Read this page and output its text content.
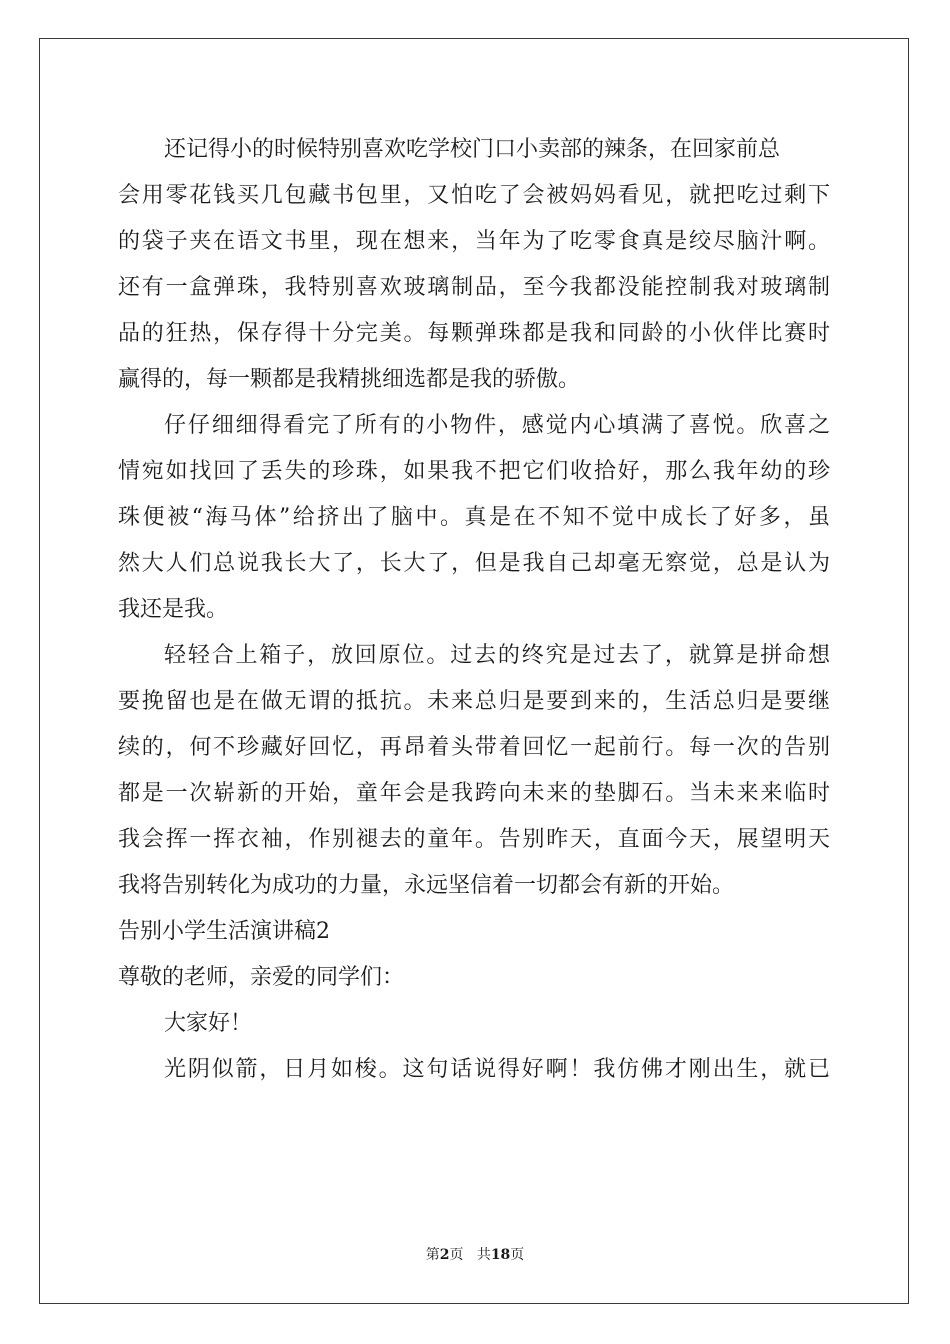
还记得小的时候特别喜欢吃学校门口小卖部的辣条，在回家前总
会用零花钱买几包藏书包里，又怕吃了会被妈妈看见，就把吃过剩下
的袋子夹在语文书里，现在想来，当年为了吃零食真是绞尽脑汁啊。
还有一盒弹珠，我特别喜欢玻璃制品，至今我都没能控制我对玻璃制
品的狂热，保存得十分完美。每颗弹珠都是我和同龄的小伙伴比赛时
赢得的，每一颗都是我精挑细选都是我的骄傲。
仔仔细细得看完了所有的小物件，感觉内心填满了喜悦。欣喜之
情宛如找回了丢失的珍珠，如果我不把它们收拾好，那么我年幼的珍
珠便被“海马体”给挤出了脑中。真是在不知不觉中成长了好多，虽
然大人们总说我长大了，长大了，但是我自己却毫无察觉，总是认为
我还是我。
轻轻合上箱子，放回原位。过去的终究是过去了，就算是拼命想
要挽留也是在做无谓的抵抗。未来总归是要到来的，生活总归是要继
续的，何不珍藏好回忆，再昂着头带着回忆一起前行。每一次的告别
都是一次崭新的开始，童年会是我跨向未来的垫脚石。当未来来临时
我会挥一挥衣袖，作别褪去的童年。告别昨天，直面今天，展望明天
我将告别转化为成功的力量，永远坚信着一切都会有新的开始。
告别小学生活演讲稿2
尊敬的老师，亲爱的同学们：
大家好！
光阴似箭，日月如梭。这句话说得好啊！我仿佛才刚出生，就已
第2页 共18页
